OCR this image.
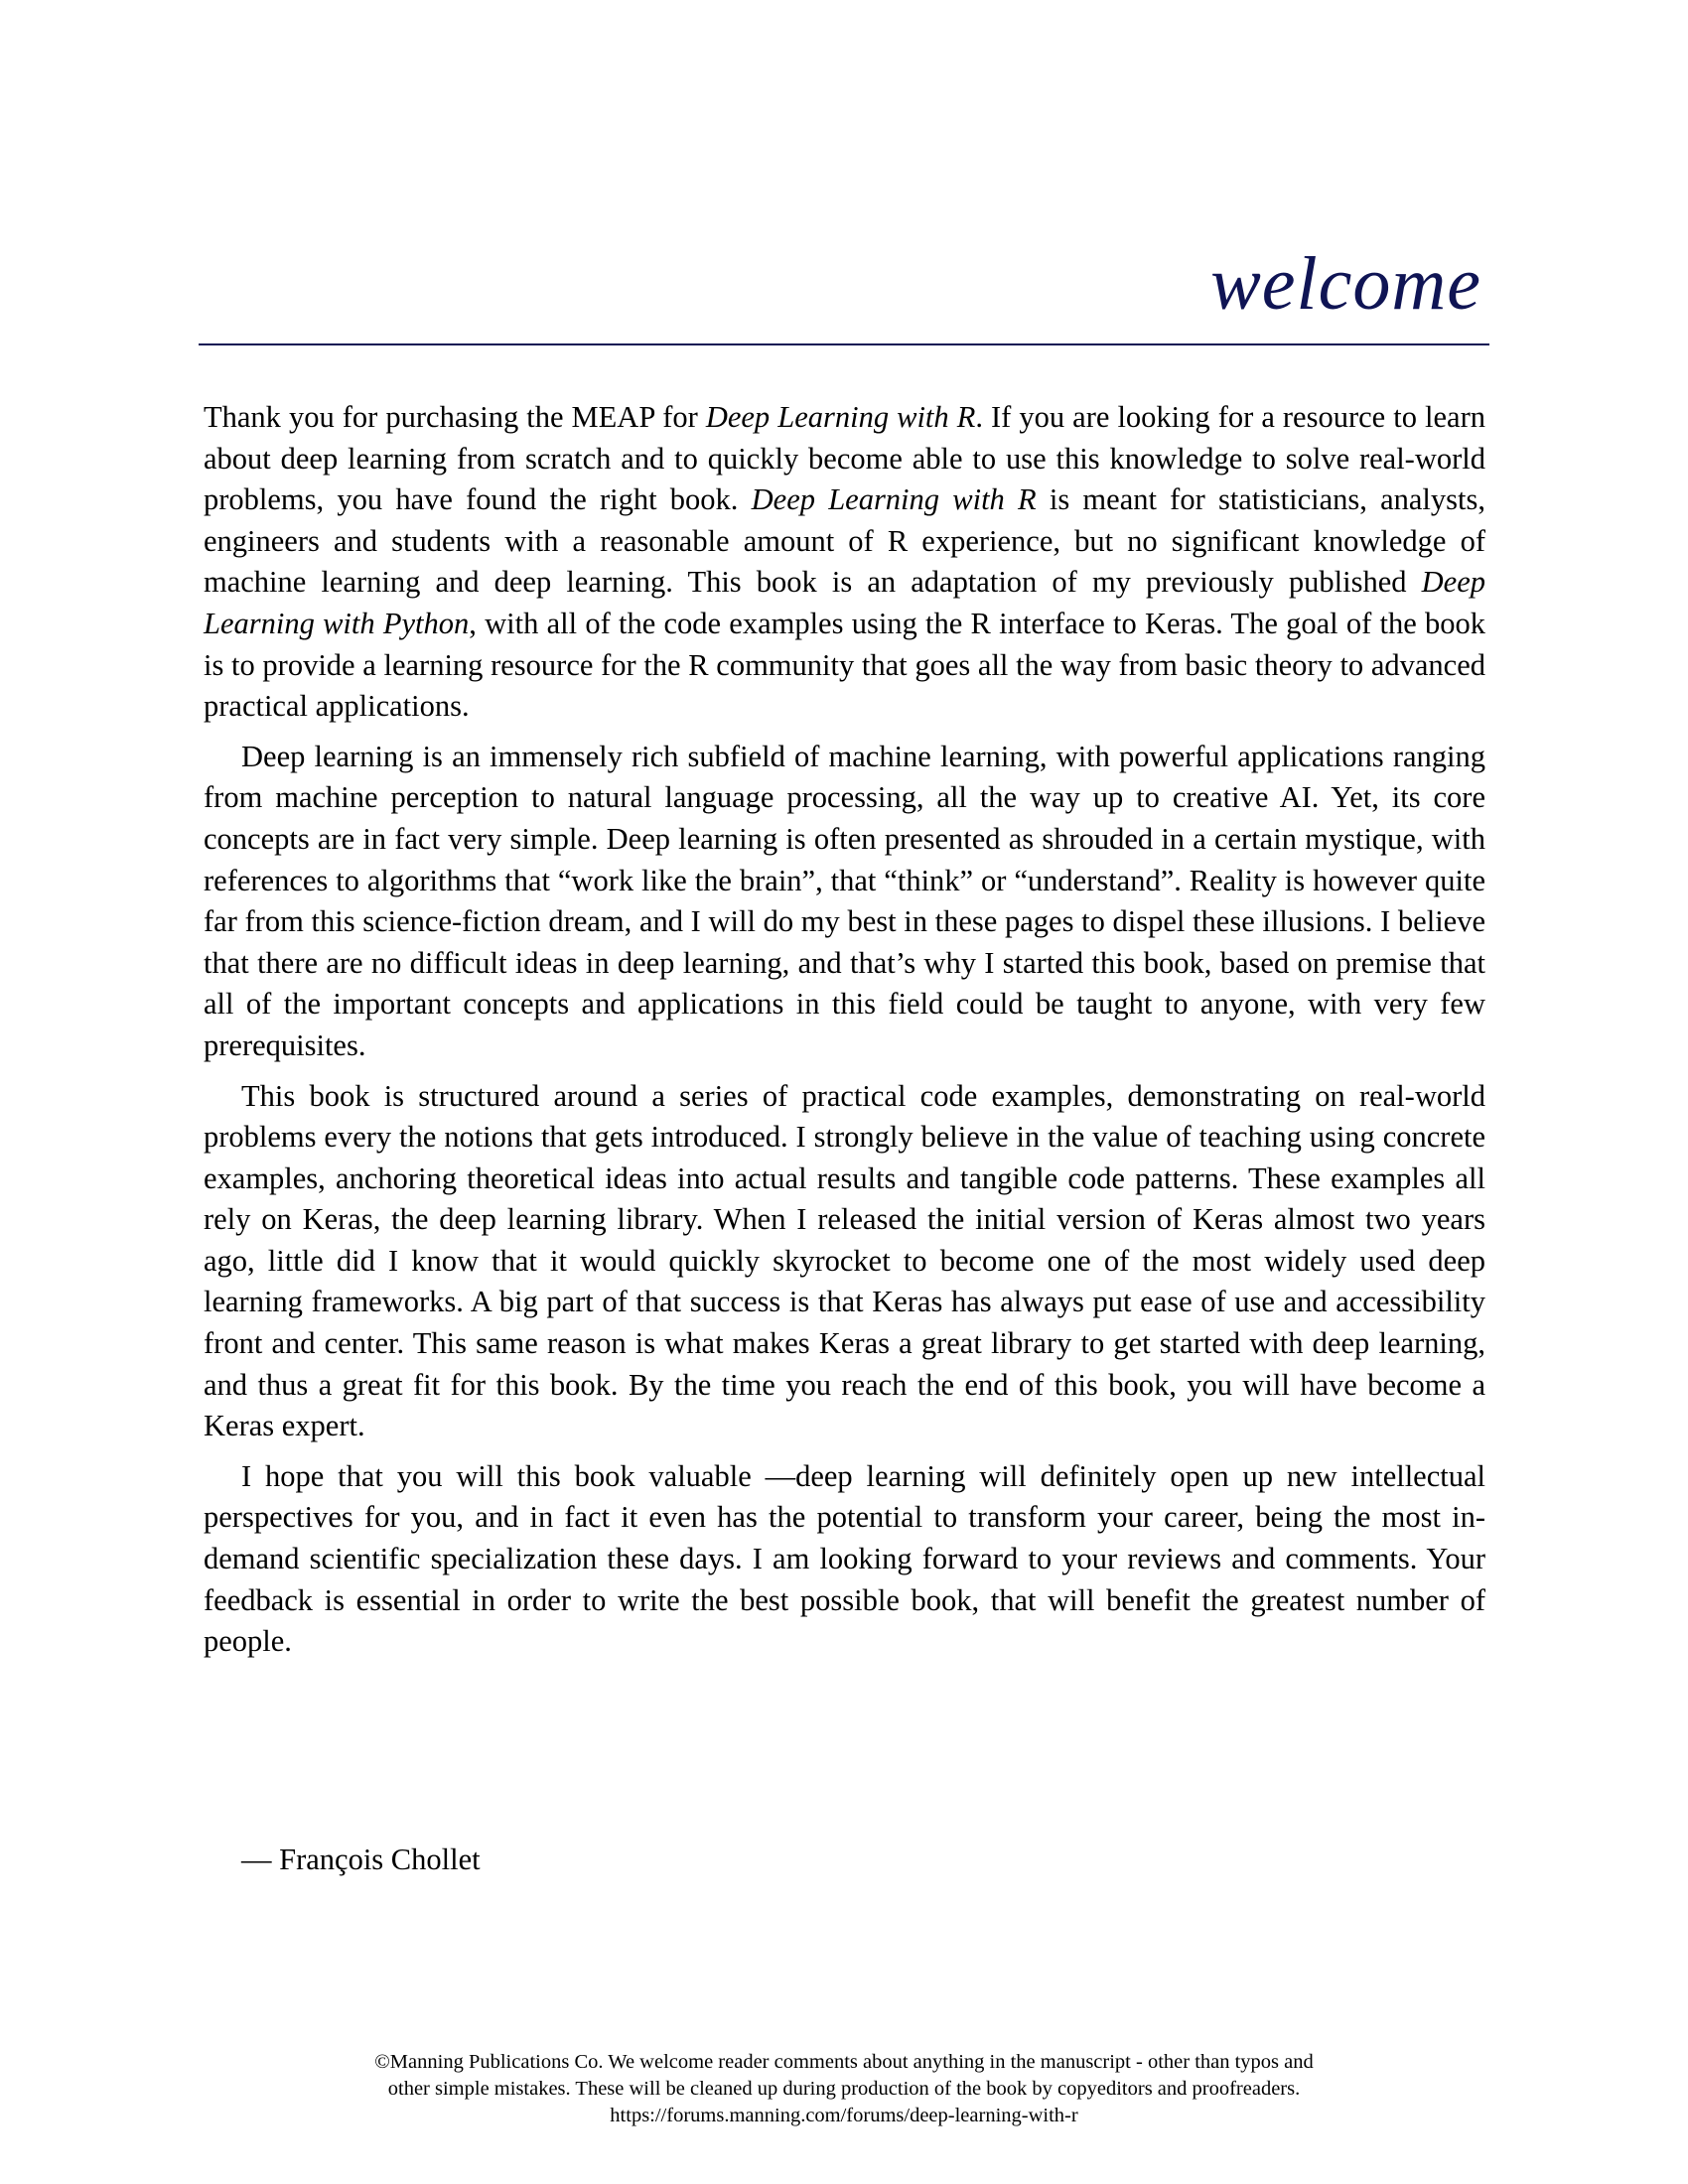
welcome

Thank you for purchasing the MEAP for Deep Learning with R. If you are looking for a resource to learn about deep learning from scratch and to quickly become able to use this knowledge to solve real-world problems, you have found the right book. Deep Learning with R is meant for statisticians, analysts, engineers and students with a reasonable amount of R experience, but no significant knowledge of machine learning and deep learning. This book is an adaptation of my previously published Deep Learning with Python, with all of the code examples using the R interface to Keras. The goal of the book is to provide a learning resource for the R community that goes all the way from basic theory to advanced practical applications.

Deep learning is an immensely rich subfield of machine learning, with powerful applications ranging from machine perception to natural language processing, all the way up to creative AI. Yet, its core concepts are in fact very simple. Deep learning is often presented as shrouded in a certain mystique, with references to algorithms that “work like the brain”, that “think” or “understand”. Reality is however quite far from this science-fiction dream, and I will do my best in these pages to dispel these illusions. I believe that there are no difficult ideas in deep learning, and that’s why I started this book, based on premise that all of the important concepts and applications in this field could be taught to anyone, with very few prerequisites.

This book is structured around a series of practical code examples, demonstrating on real-world problems every the notions that gets introduced. I strongly believe in the value of teaching using concrete examples, anchoring theoretical ideas into actual results and tangible code patterns. These examples all rely on Keras, the deep learning library. When I released the initial version of Keras almost two years ago, little did I know that it would quickly skyrocket to become one of the most widely used deep learning frameworks. A big part of that success is that Keras has always put ease of use and accessibility front and center. This same reason is what makes Keras a great library to get started with deep learning, and thus a great fit for this book. By the time you reach the end of this book, you will have become a Keras expert.

I hope that you will this book valuable —deep learning will definitely open up new intellectual perspectives for you, and in fact it even has the potential to transform your career, being the most in-demand scientific specialization these days. I am looking forward to your reviews and comments. Your feedback is essential in order to write the best possible book, that will benefit the greatest number of people.

— François Chollet
©Manning Publications Co. We welcome reader comments about anything in the manuscript - other than typos and
other simple mistakes. These will be cleaned up during production of the book by copyeditors and proofreaders.
https://forums.manning.com/forums/deep-learning-with-r
